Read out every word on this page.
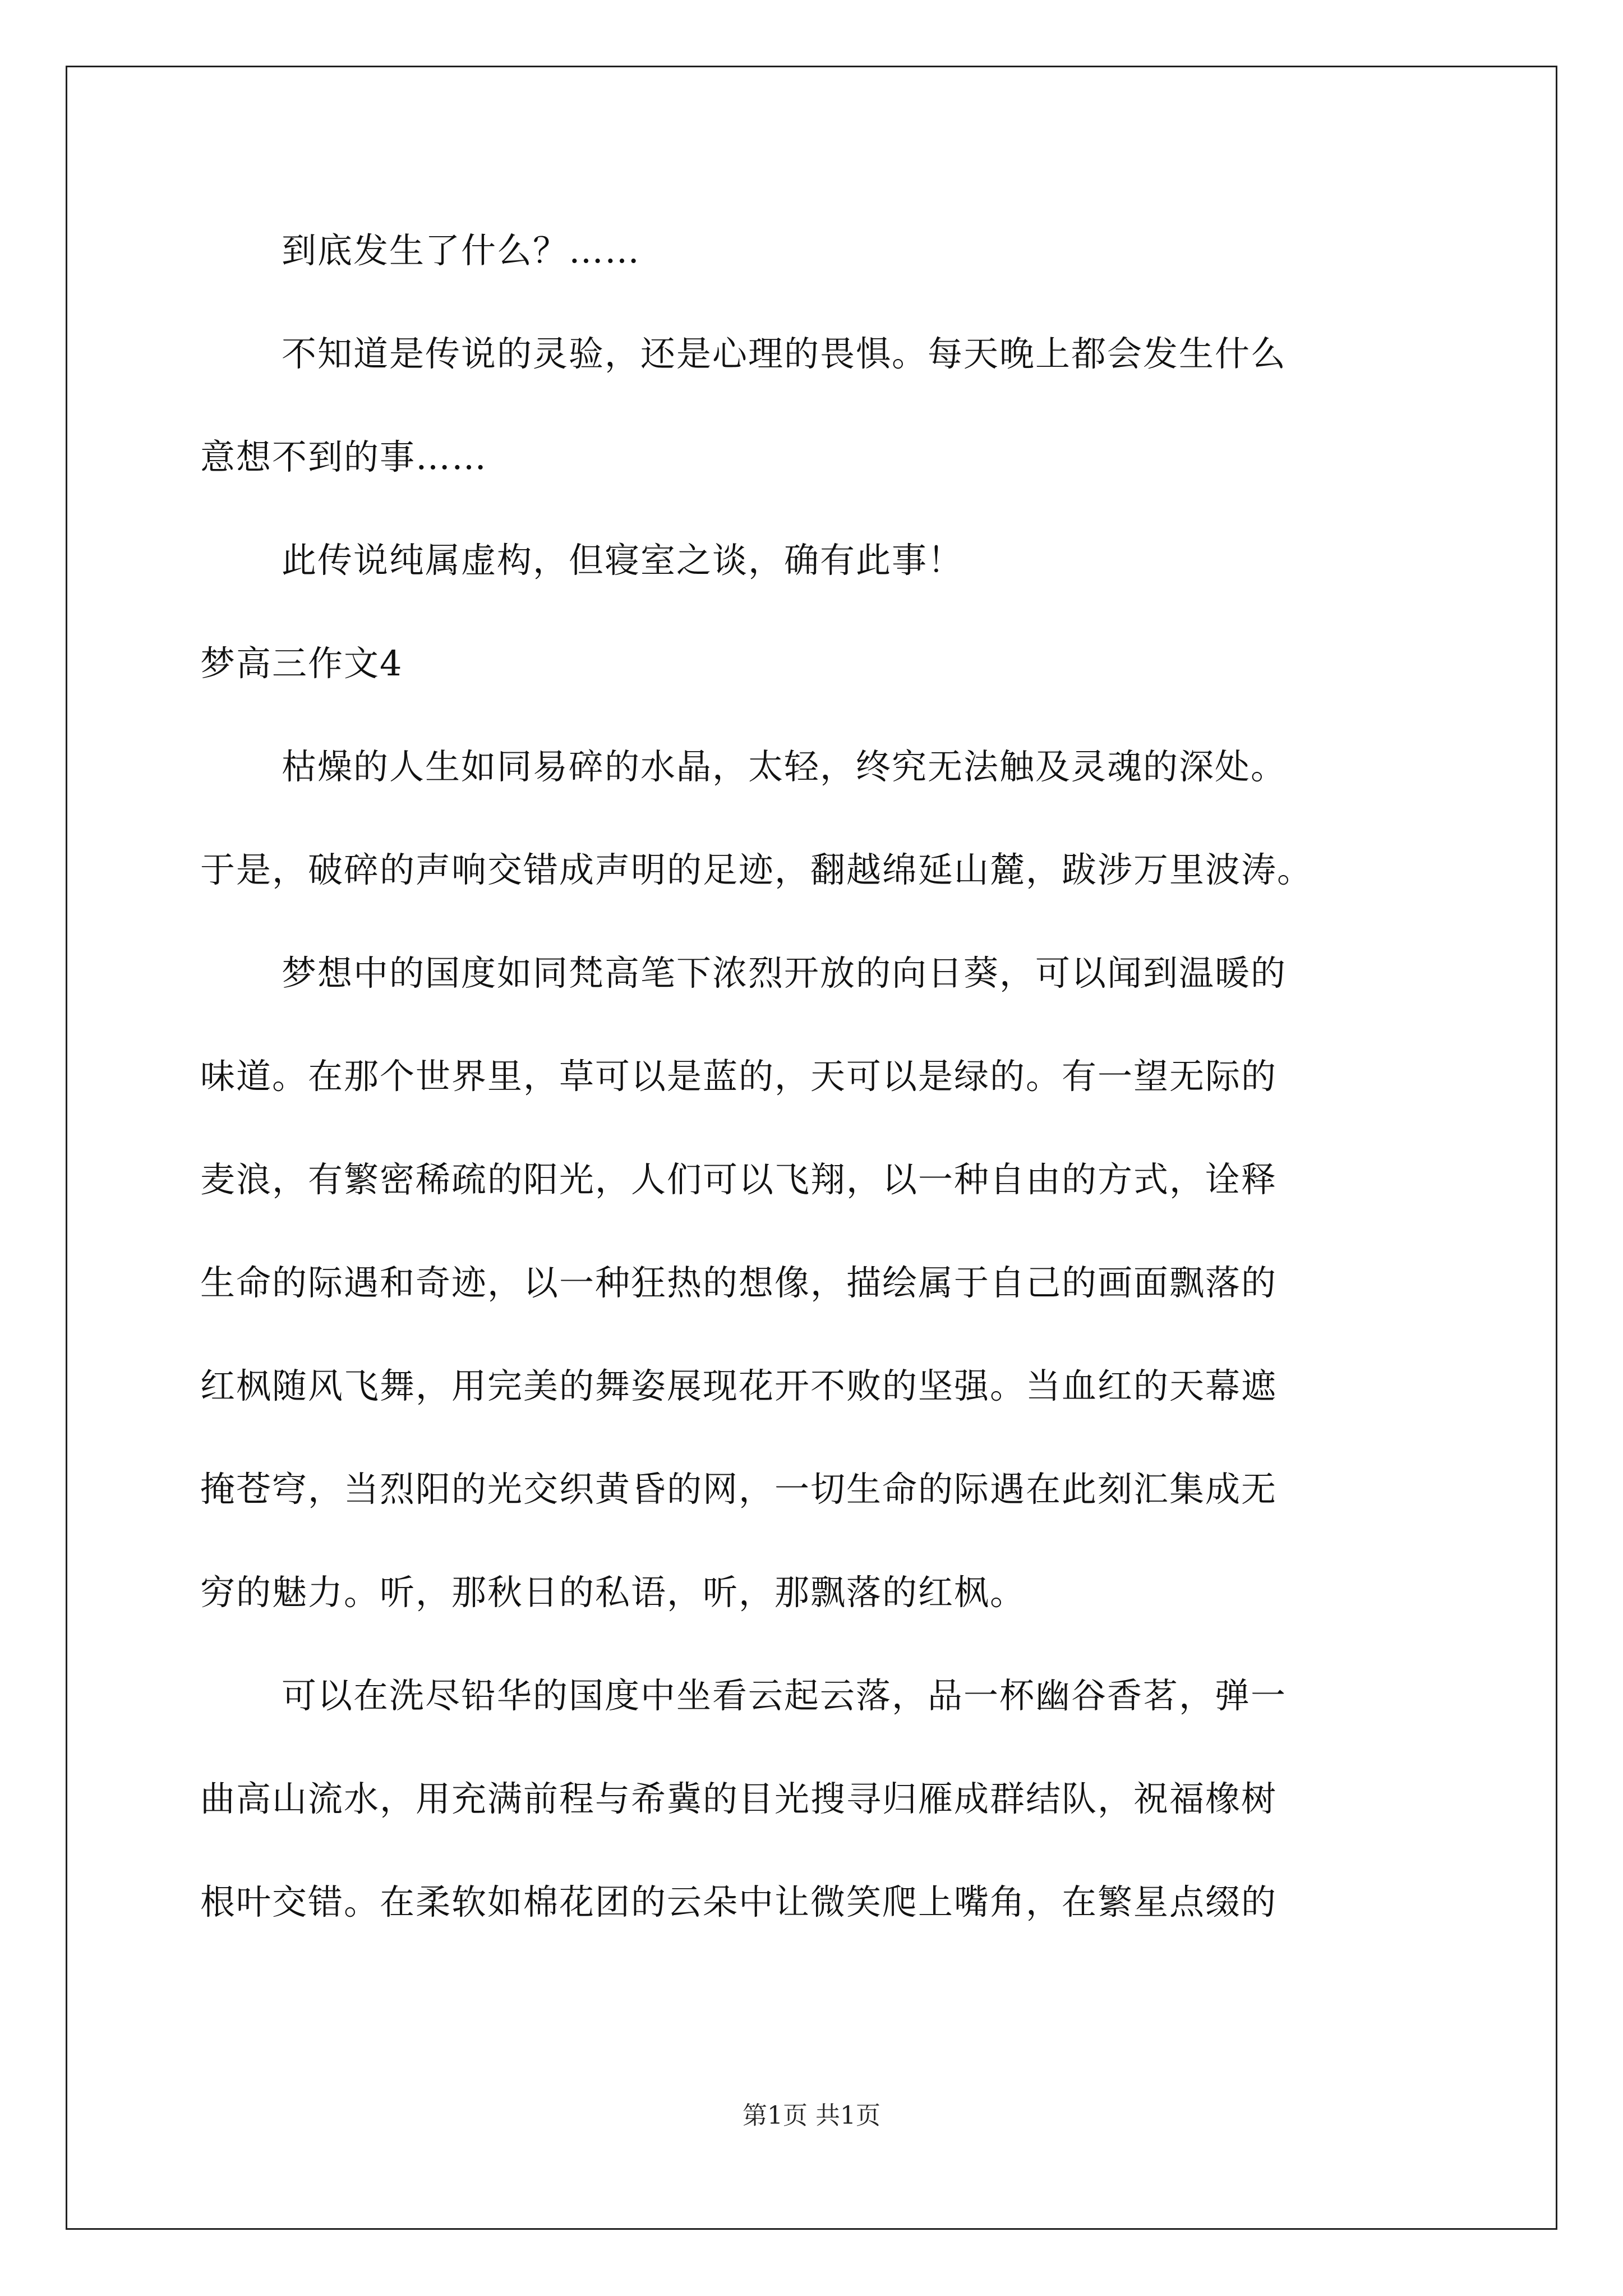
到底发生了什么？……
不知道是传说的灵验，还是心理的畏惧。每天晚上都会发生什么
意想不到的事……
此传说纯属虚构，但寝室之谈，确有此事！
梦高三作文4
枯燥的人生如同易碎的水晶，太轻，终究无法触及灵魂的深处。
于是，破碎的声响交错成声明的足迹，翻越绵延山麓，跋涉万里波涛。
梦想中的国度如同梵高笔下浓烈开放的向日葵，可以闻到温暖的
味道。在那个世界里，草可以是蓝的，天可以是绿的。有一望无际的
麦浪，有繁密稀疏的阳光，人们可以飞翔，以一种自由的方式，诠释
生命的际遇和奇迹，以一种狂热的想像，描绘属于自己的画面飘落的
红枫随风飞舞，用完美的舞姿展现花开不败的坚强。当血红的天幕遮
掩苍穹，当烈阳的光交织黄昏的网，一切生命的际遇在此刻汇集成无
穷的魅力。听，那秋日的私语，听，那飘落的红枫。
可以在洗尽铅华的国度中坐看云起云落，品一杯幽谷香茗，弹一
曲高山流水，用充满前程与希冀的目光搜寻归雁成群结队，祝福橡树
根叶交错。在柔软如棉花团的云朵中让微笑爬上嘴角，在繁星点缀的
第1页 共1页
